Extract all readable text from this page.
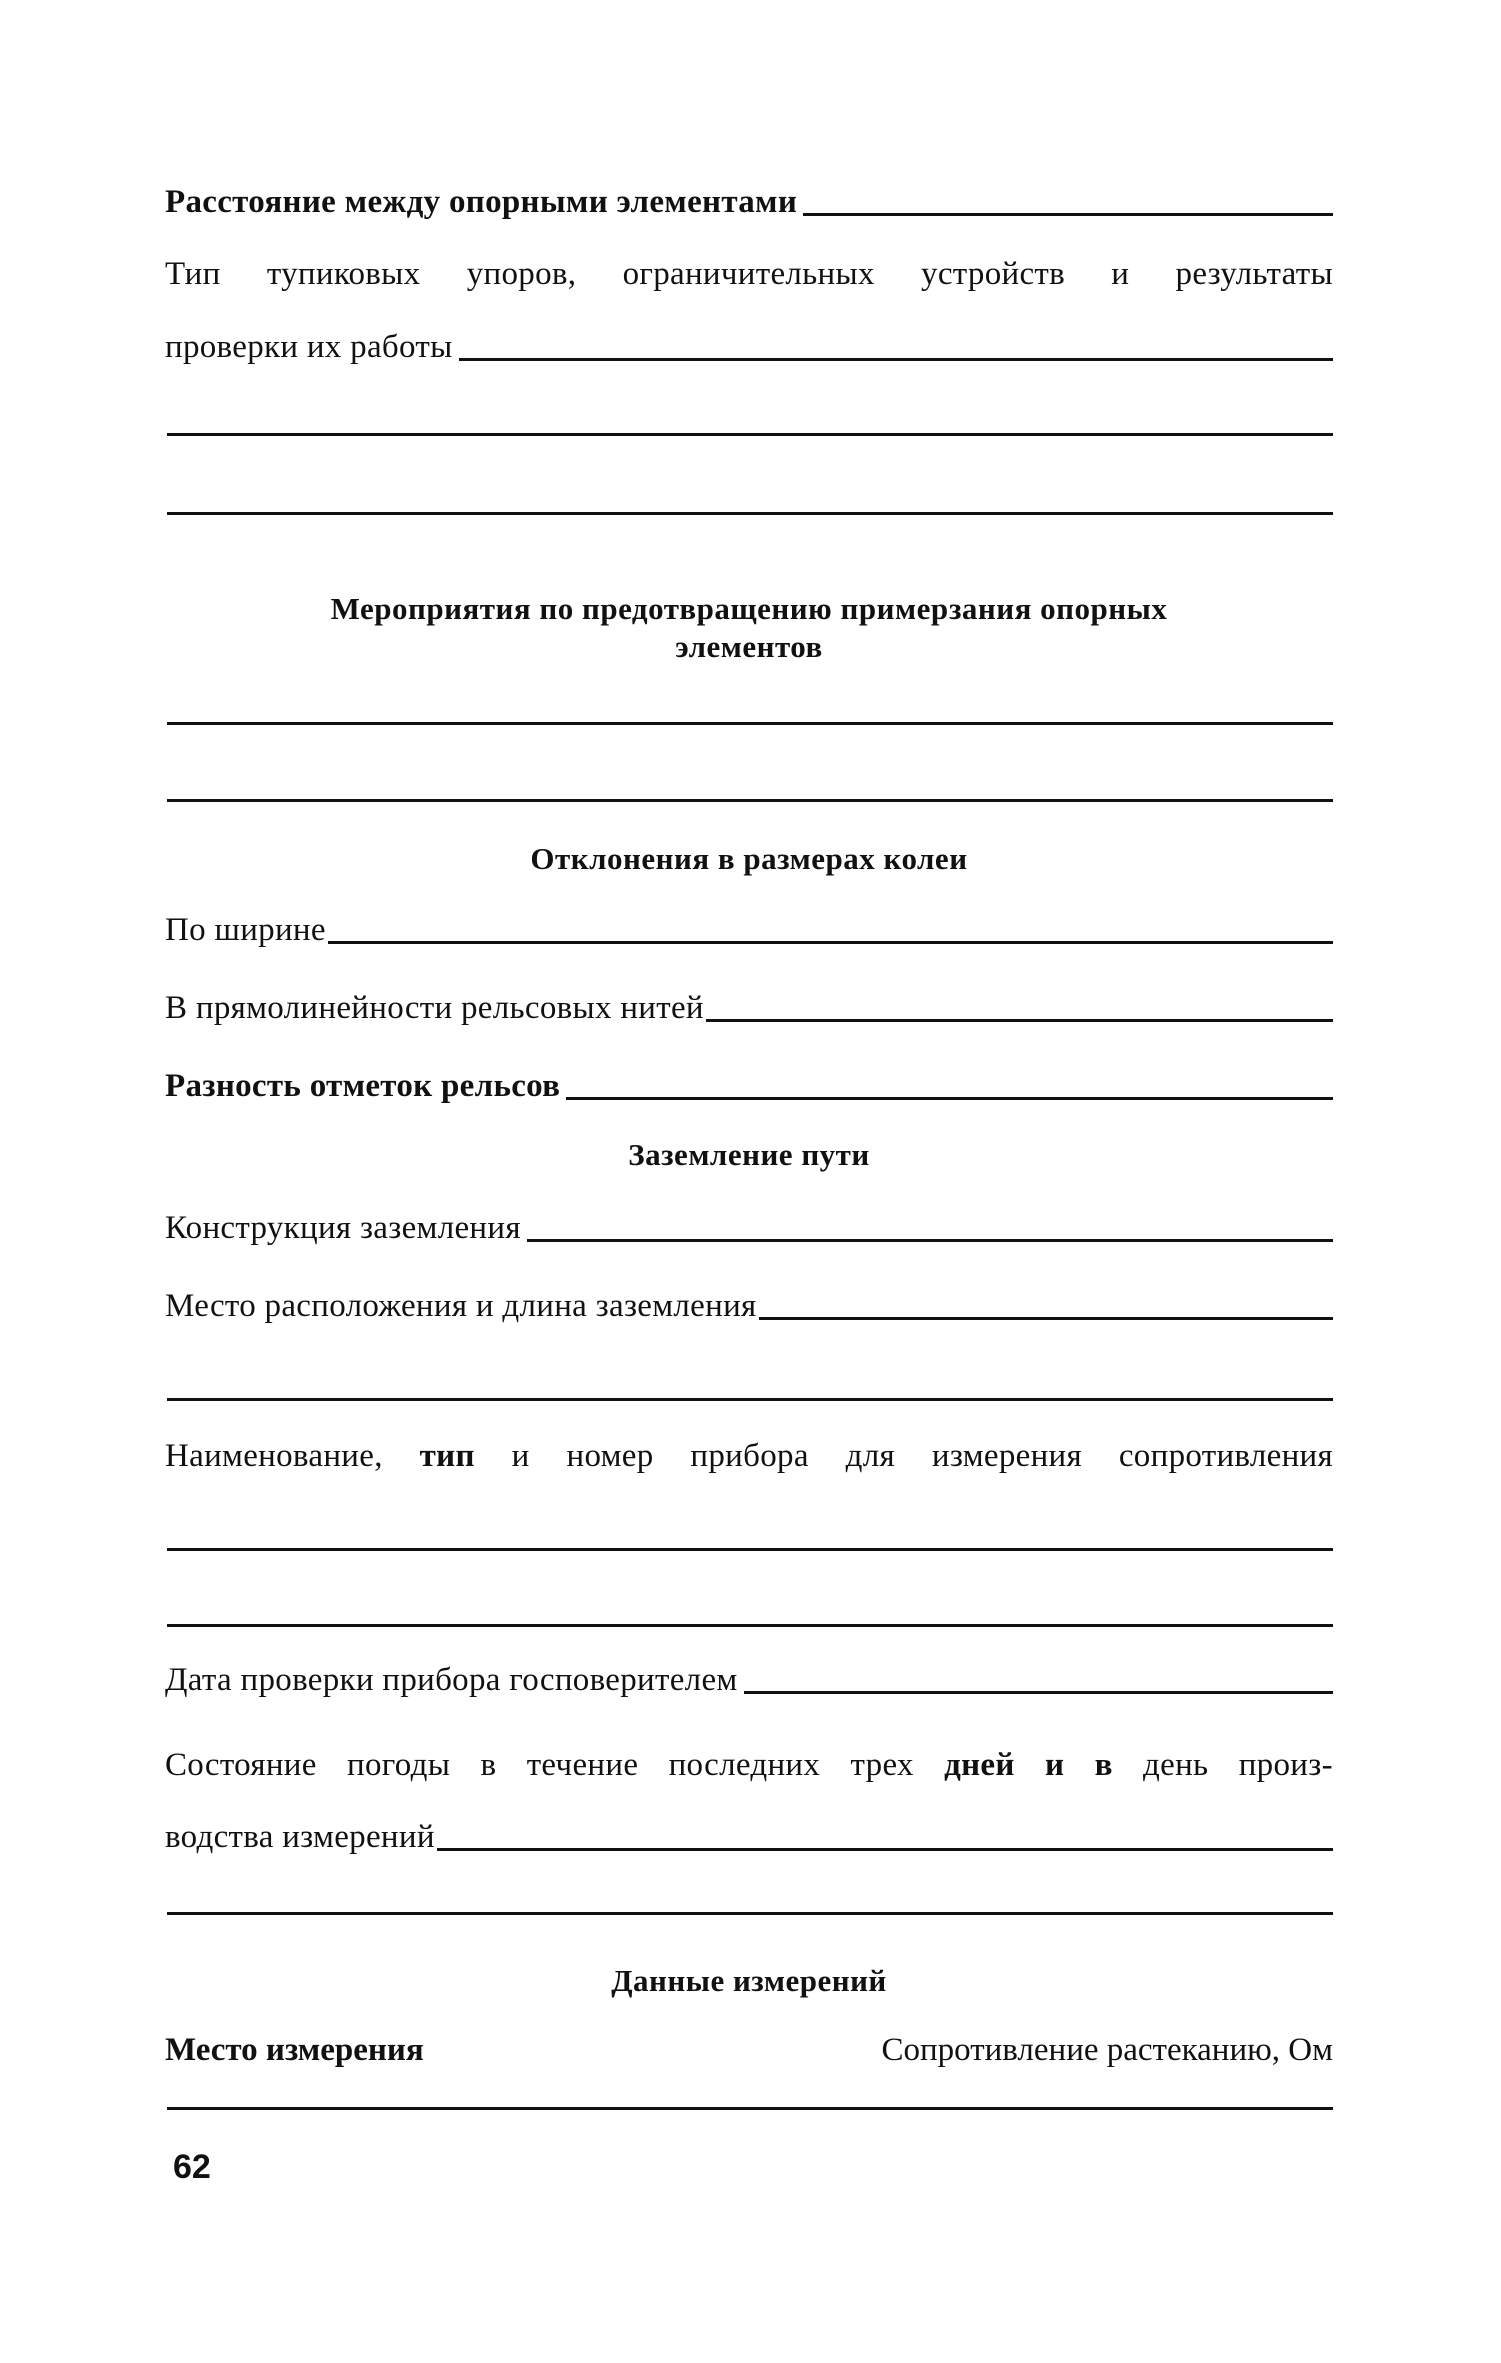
Расстояние между опорными элементами
Тип тупиковых упоров, ограничительных устройств и результаты
проверки их работы
Мероприятия по предотвращению примерзания опорных
элементов
Отклонения в размерах колеи
По ширине
В прямолинейности рельсовых нитей
Разность отметок рельсов
Заземление пути
Конструкция заземления
Место расположения и длина заземления
Наименование, тип и номер прибора для измерения сопротивления
Дата проверки прибора госповерителем
Состояние погоды в течение последних трех дней и в день произ-
водства измерений
Данные измерений
Место измерения	Сопротивление растеканию, Ом
62
